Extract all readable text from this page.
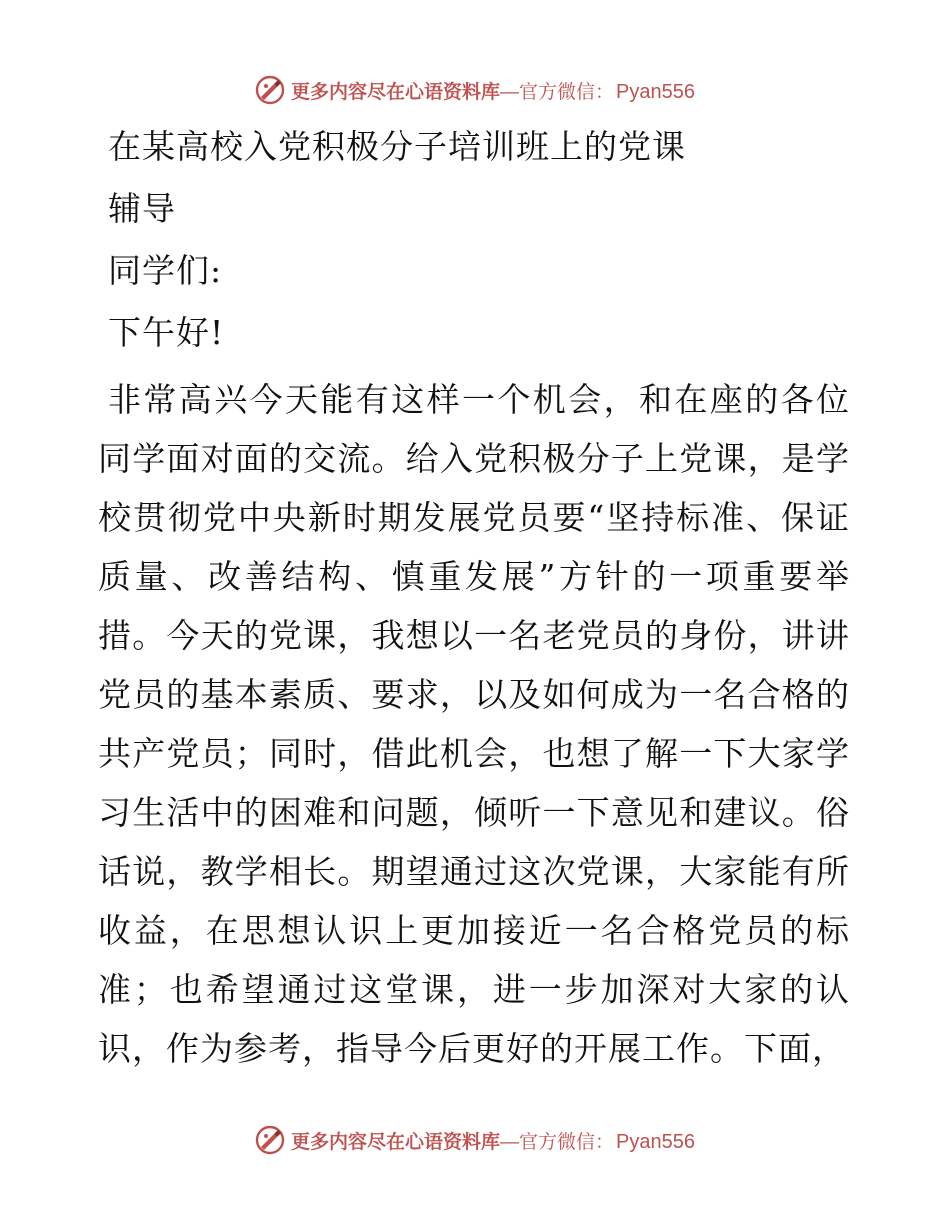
更多内容尽在心语资料库 — 官方微信： Pyan556

在某高校入党积极分子培训班上的党课

辅导

同学们:

下午好!

非常高兴今天能有这样一个机会，和在座的各位同学面对面的交流。给入党积极分子上党课，是学校贯彻党中央新时期发展党员要“坚持标准、保证质量、改善结构、慎重发展”方针的一项重要举措。今天的党课，我想以一名老党员的身份，讲讲党员的基本素质、要求，以及如何成为一名合格的共产党员；同时，借此机会，也想了解一下大家学习生活中的困难和问题，倾听一下意见和建议。俗话说，教学相长。期望通过这次党课，大家能有所收益，在思想认识上更加接近一名合格党员的标准；也希望通过这堂课，进一步加深对大家的认识，作为参考，指导今后更好的开展工作。下面，

更多内容尽在心语资料库 — 官方微信： Pyan556
